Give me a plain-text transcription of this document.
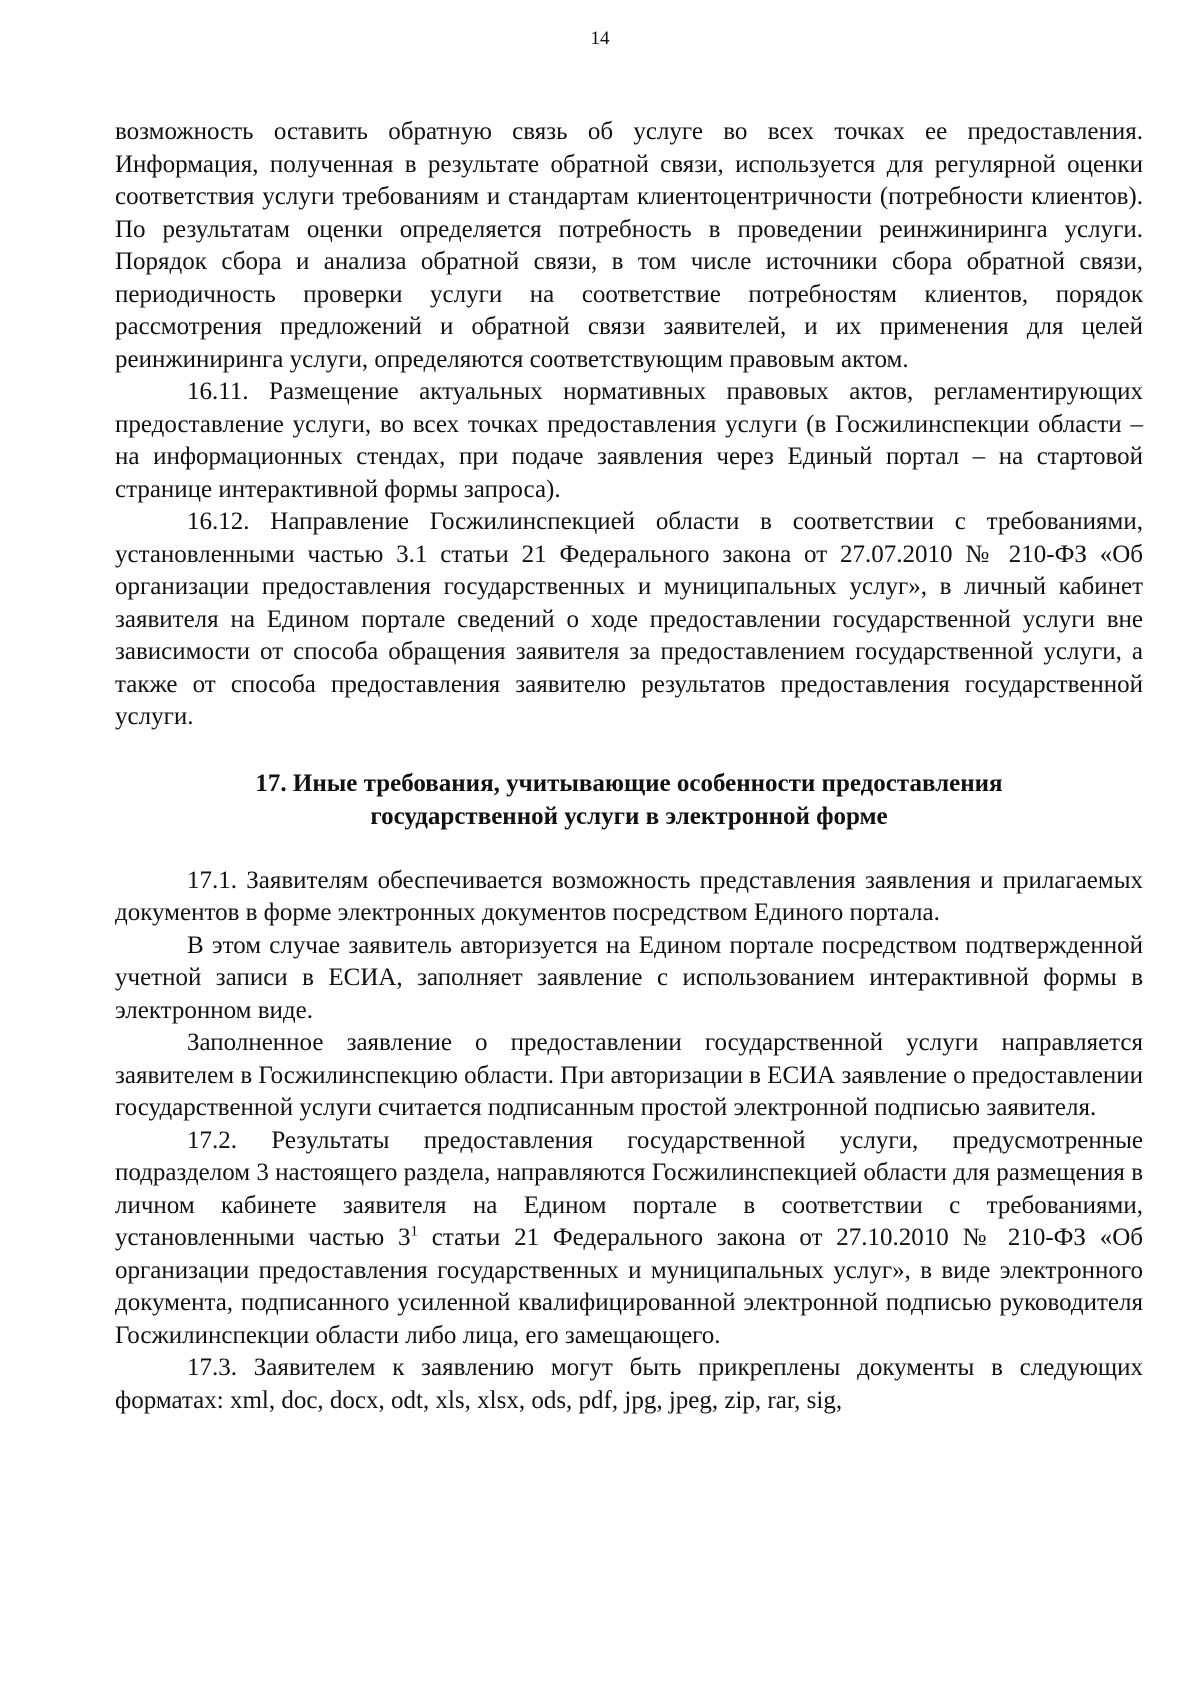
14

возможность оставить обратную связь об услуге во всех точках ее предоставления. Информация, полученная в результате обратной связи, используется для регулярной оценки соответствия услуги требованиям и стандартам клиентоцентричности (потребности клиентов). По результатам оценки определяется потребность в проведении реинжиниринга услуги. Порядок сбора и анализа обратной связи, в том числе источники сбора обратной связи, периодичность проверки услуги на соответствие потребностям клиентов, порядок рассмотрения предложений и обратной связи заявителей, и их применения для целей реинжиниринга услуги, определяются соответствующим правовым актом.

16.11. Размещение актуальных нормативных правовых актов, регламентирующих предоставление услуги, во всех точках предоставления услуги (в Госжилинспекции области – на информационных стендах, при подаче заявления через Единый портал – на стартовой странице интерактивной формы запроса).

16.12. Направление Госжилинспекцией области в соответствии с требованиями, установленными частью 3.1 статьи 21 Федерального закона от 27.07.2010 № 210-ФЗ «Об организации предоставления государственных и муниципальных услуг», в личный кабинет заявителя на Едином портале сведений о ходе предоставлении государственной услуги вне зависимости от способа обращения заявителя за предоставлением государственной услуги, а также от способа предоставления заявителю результатов предоставления государственной услуги.

17. Иные требования, учитывающие особенности предоставления
государственной услуги в электронной форме

17.1. Заявителям обеспечивается возможность представления заявления и прилагаемых документов в форме электронных документов посредством Единого портала.

В этом случае заявитель авторизуется на Едином портале посредством подтвержденной учетной записи в ЕСИА, заполняет заявление с использованием интерактивной формы в электронном виде.

Заполненное заявление о предоставлении государственной услуги направляется заявителем в Госжилинспекцию области. При авторизации в ЕСИА заявление о предоставлении государственной услуги считается подписанным простой электронной подписью заявителя.

17.2. Результаты предоставления государственной услуги, предусмотренные подразделом 3 настоящего раздела, направляются Госжилинспекцией области для размещения в личном кабинете заявителя на Едином портале в соответствии с требованиями, установленными частью $3^1$ статьи 21 Федерального закона от 27.10.2010 № 210-ФЗ «Об организации предоставления государственных и муниципальных услуг», в виде электронного документа, подписанного усиленной квалифицированной электронной подписью руководителя Госжилинспекции области либо лица, его замещающего.

17.3. Заявителем к заявлению могут быть прикреплены документы в следующих форматах: xml, doc, docx, odt, xls, xlsx, ods, pdf, jpg, jpeg, zip, rar, sig,
